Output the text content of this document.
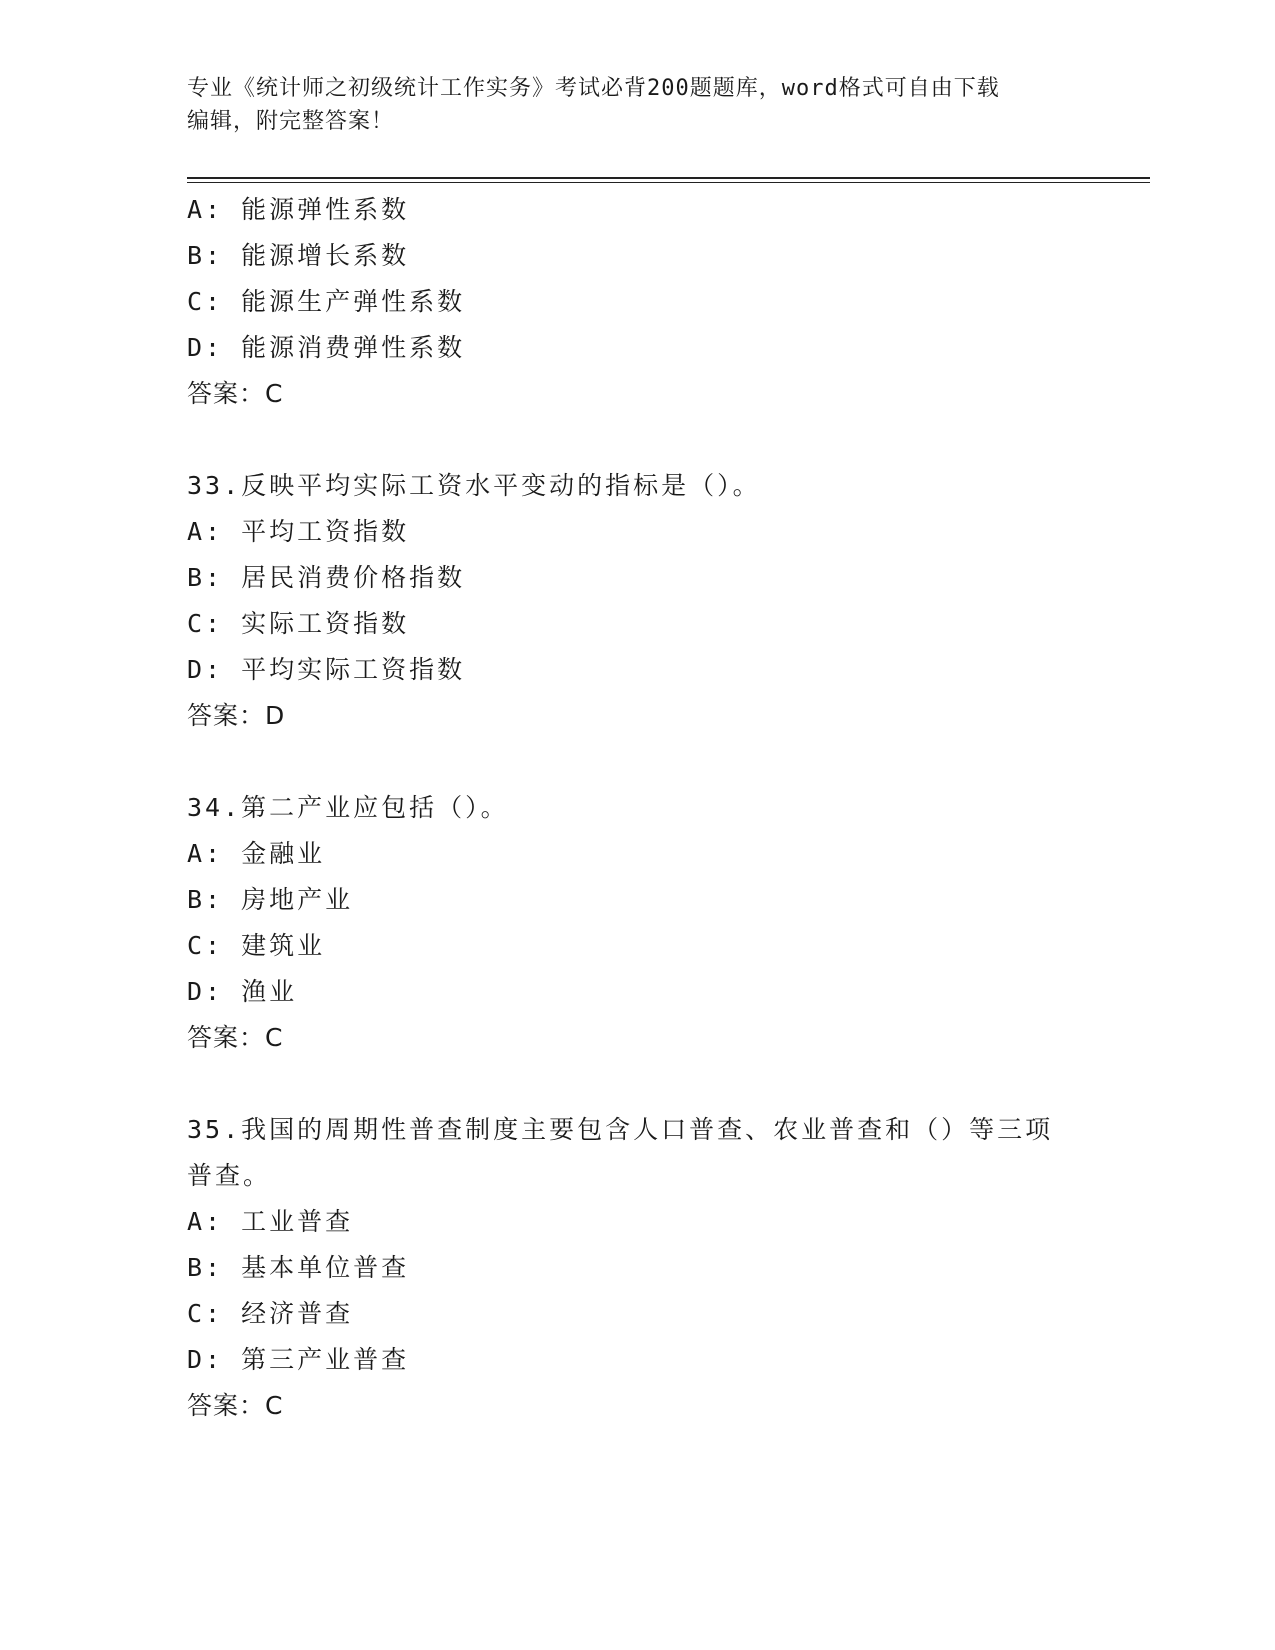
专业《统计师之初级统计工作实务》考试必背200题题库，word格式可自由下载
编辑，附完整答案！
A: 能源弹性系数
B: 能源增长系数
C: 能源生产弹性系数
D: 能源消费弹性系数
答案：C
33.反映平均实际工资水平变动的指标是（）。
A: 平均工资指数
B: 居民消费价格指数
C: 实际工资指数
D: 平均实际工资指数
答案：D
34.第二产业应包括（）。
A: 金融业
B: 房地产业
C: 建筑业
D: 渔业
答案：C
35.我国的周期性普查制度主要包含人口普查、农业普查和（）等三项
普查。
A: 工业普查
B: 基本单位普查
C: 经济普查
D: 第三产业普查
答案：C
